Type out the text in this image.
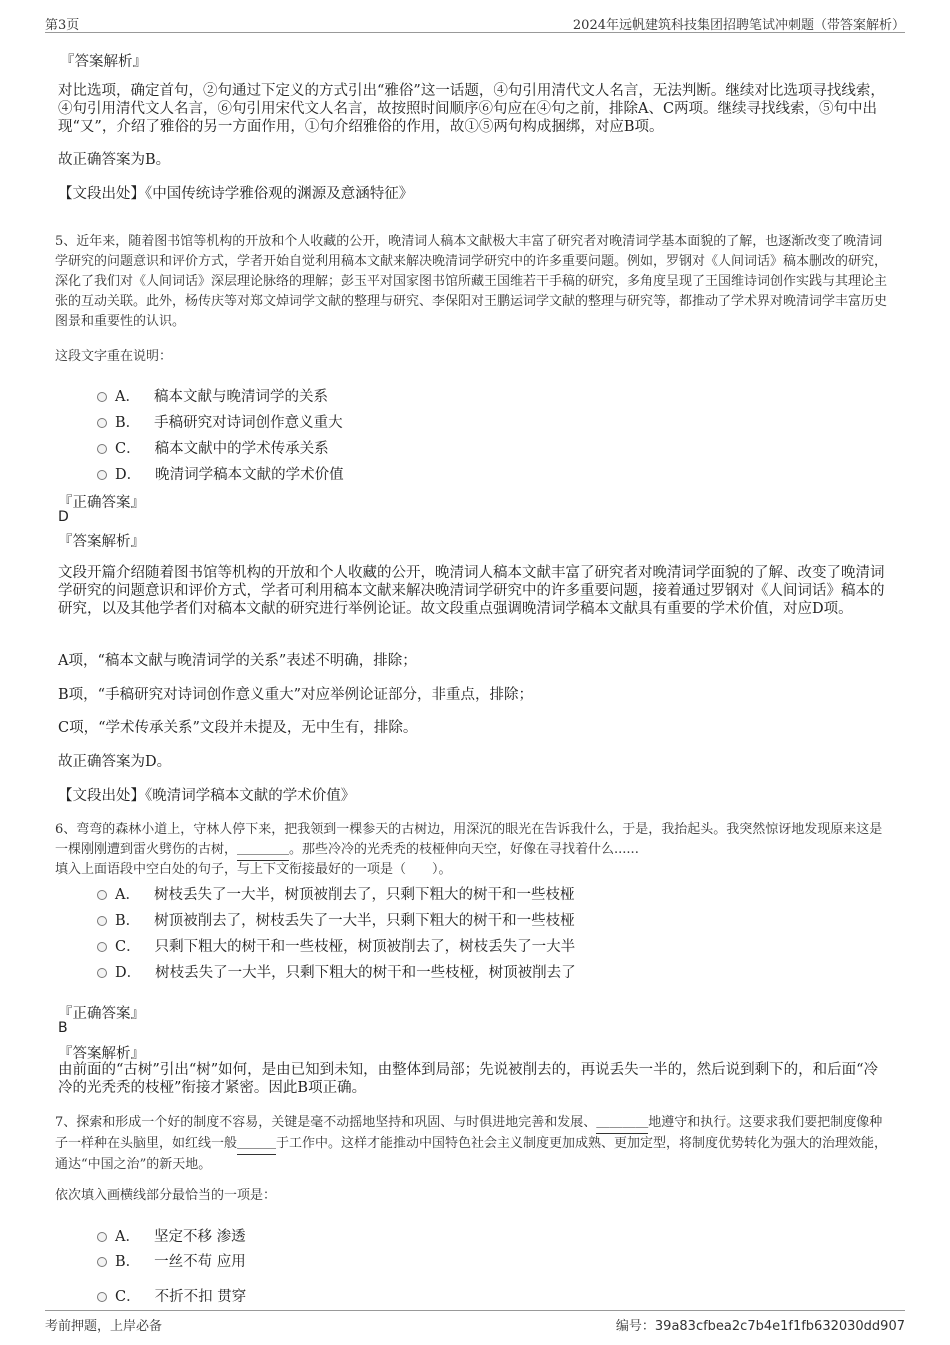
第3页	2024年远帆建筑科技集团招聘笔试冲刺题（带答案解析）
『答案解析』
对比选项，确定首句，②句通过下定义的方式引出“雅俗”这一话题，④句引用清代文人名言，无法判断。继续对比选项寻找线索，④句引用清代文人名言，⑥句引用宋代文人名言，故按照时间顺序⑥句应在④句之前，排除A、C两项。继续寻找线索，⑤句中出现“又”，介绍了雅俗的另一方面作用，①句介绍雅俗的作用，故①⑤两句构成捆绑，对应B项。
故正确答案为B。
【文段出处】《中国传统诗学雅俗观的渊源及意涵特征》
5、近年来，随着图书馆等机构的开放和个人收藏的公开，晚清词人稿本文献极大丰富了研究者对晚清词学基本面貌的了解，也逐渐改变了晚清词学研究的问题意识和评价方式，学者开始自觉利用稿本文献来解决晚清词学研究中的许多重要问题。例如，罗钢对《人间词话》稿本删改的研究，深化了我们对《人间词话》深层理论脉络的理解；彭玉平对国家图书馆所藏王国维若干手稿的研究，多角度呈现了王国维诗词创作实践与其理论主张的互动关联。此外，杨传庆等对郑文焯词学文献的整理与研究、李保阳对王鹏运词学文献的整理与研究等，都推动了学术界对晚清词学丰富历史图景和重要性的认识。
这段文字重在说明：
A． 稿本文献与晚清词学的关系
B． 手稿研究对诗词创作意义重大
C． 稿本文献中的学术传承关系
D． 晚清词学稿本文献的学术价值
『正确答案』
D
『答案解析』
文段开篇介绍随着图书馆等机构的开放和个人收藏的公开，晚清词人稿本文献丰富了研究者对晚清词学面貌的了解、改变了晚清词学研究的问题意识和评价方式，学者可利用稿本文献来解决晚清词学研究中的许多重要问题，接着通过罗钢对《人间词话》稿本的研究，以及其他学者们对稿本文献的研究进行举例论证。故文段重点强调晚清词学稿本文献具有重要的学术价值，对应D项。
A项，“稿本文献与晚清词学的关系”表述不明确，排除；
B项，“手稿研究对诗词创作意义重大”对应举例论证部分，非重点，排除；
C项，“学术传承关系”文段并未提及，无中生有，排除。
故正确答案为D。
【文段出处】《晚清词学稿本文献的学术价值》
6、弯弯的森林小道上，守林人停下来，把我领到一棵参天的古树边，用深沉的眼光在告诉我什么，于是，我抬起头。我突然惊讶地发现原来这是一棵刚刚遭到雷火劈伤的古树，＿＿＿＿。那些冷冷的光秃秃的枝桠伸向天空，好像在寻找着什么......
填入上面语段中空白处的句子，与上下文衔接最好的一项是（　　）。
A． 树枝丢失了一大半，树顶被削去了，只剩下粗大的树干和一些枝桠
B． 树顶被削去了，树枝丢失了一大半，只剩下粗大的树干和一些枝桠
C． 只剩下粗大的树干和一些枝桠，树顶被削去了，树枝丢失了一大半
D． 树枝丢失了一大半，只剩下粗大的树干和一些枝桠，树顶被削去了
『正确答案』
B
『答案解析』
由前面的“古树”引出“树”如何，是由已知到未知，由整体到局部；先说被削去的，再说丢失一半的，然后说到剩下的，和后面“冷冷的光秃秃的枝桠”衔接才紧密。因此B项正确。
7、探索和形成一个好的制度不容易，关键是毫不动摇地坚持和巩固、与时俱进地完善和发展、＿＿＿＿地遵守和执行。这要求我们要把制度像种子一样种在头脑里，如红线一般＿＿＿于工作中。这样才能推动中国特色社会主义制度更加成熟、更加定型，将制度优势转化为强大的治理效能，通达“中国之治”的新天地。
依次填入画横线部分最恰当的一项是：
A． 坚定不移 渗透
B． 一丝不苟 应用
C． 不折不扣 贯穿
考前押题，上岸必备	编号：39a83cfbea2c7b4e1f1fb632030dd907
